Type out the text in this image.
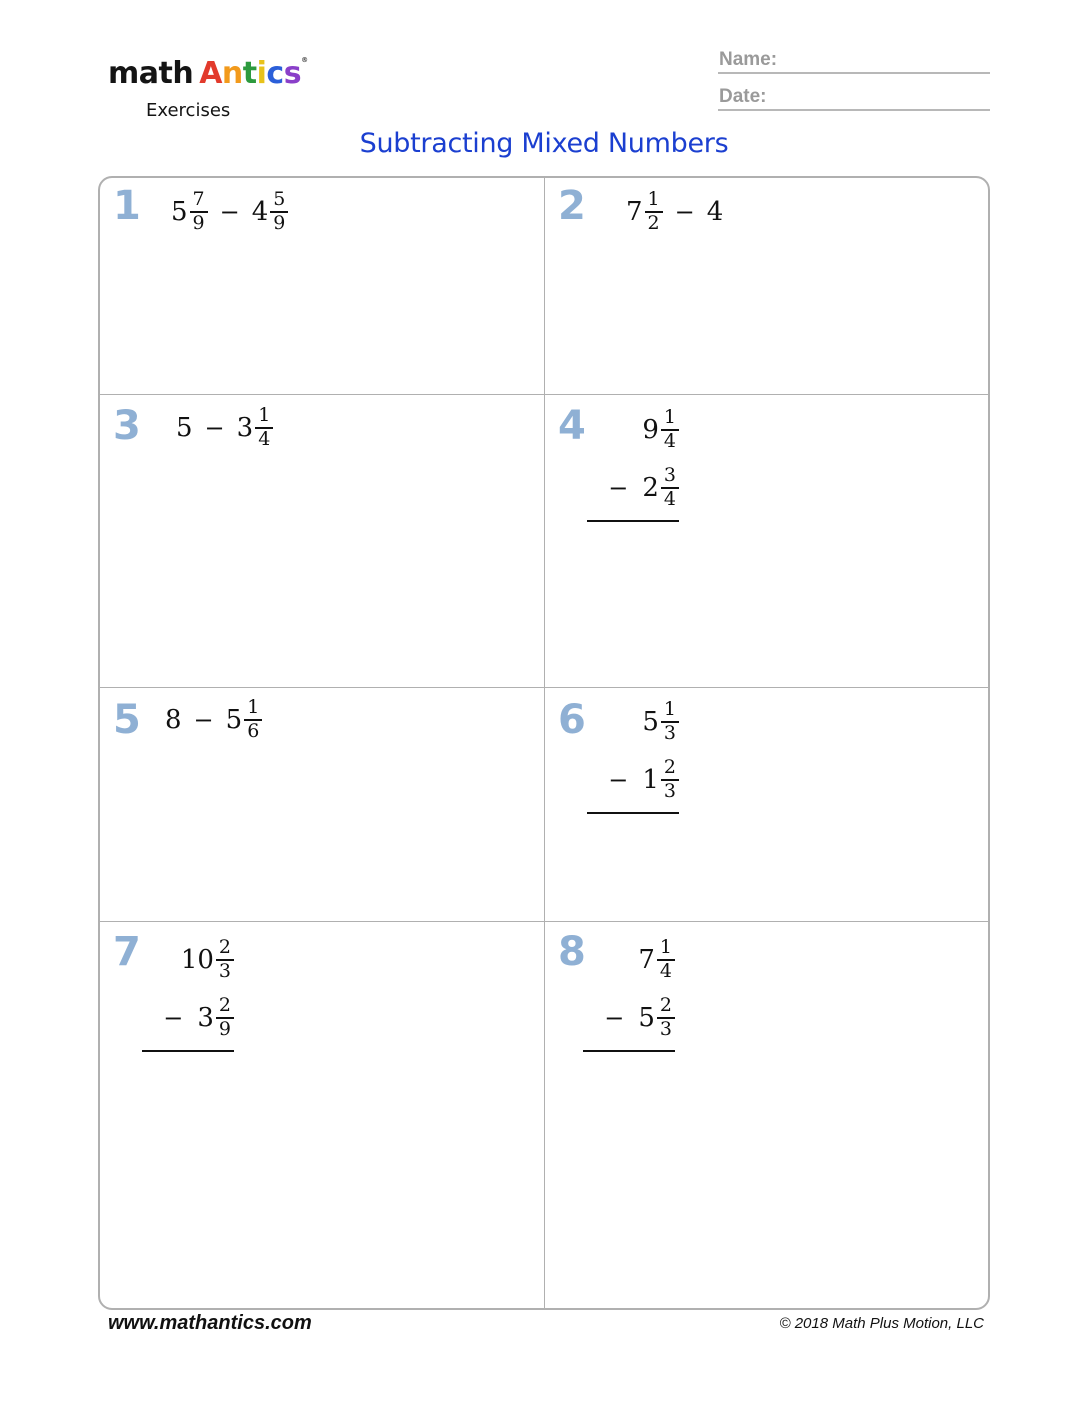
math Antics®
Exercises
Name:
Date:
Subtracting Mixed Numbers
1 $5 \frac{7}{9} - 4 \frac{5}{9}$	2 $7 \frac{1}{2} - 4$
3 $5 - 3 \frac{1}{4}$	4 $9 \frac{1}{4}$
− $2 \frac{3}{4}$
5 $8 - 5 \frac{1}{6}$	6 $5 \frac{1}{3}$
− $1 \frac{2}{3}$
7 $10 \frac{2}{3}$
− $3 \frac{2}{9}$
8 $7 \frac{1}{4}$
− $5 \frac{2}{3}$
www.mathantics.com	© 2018 Math Plus Motion, LLC
